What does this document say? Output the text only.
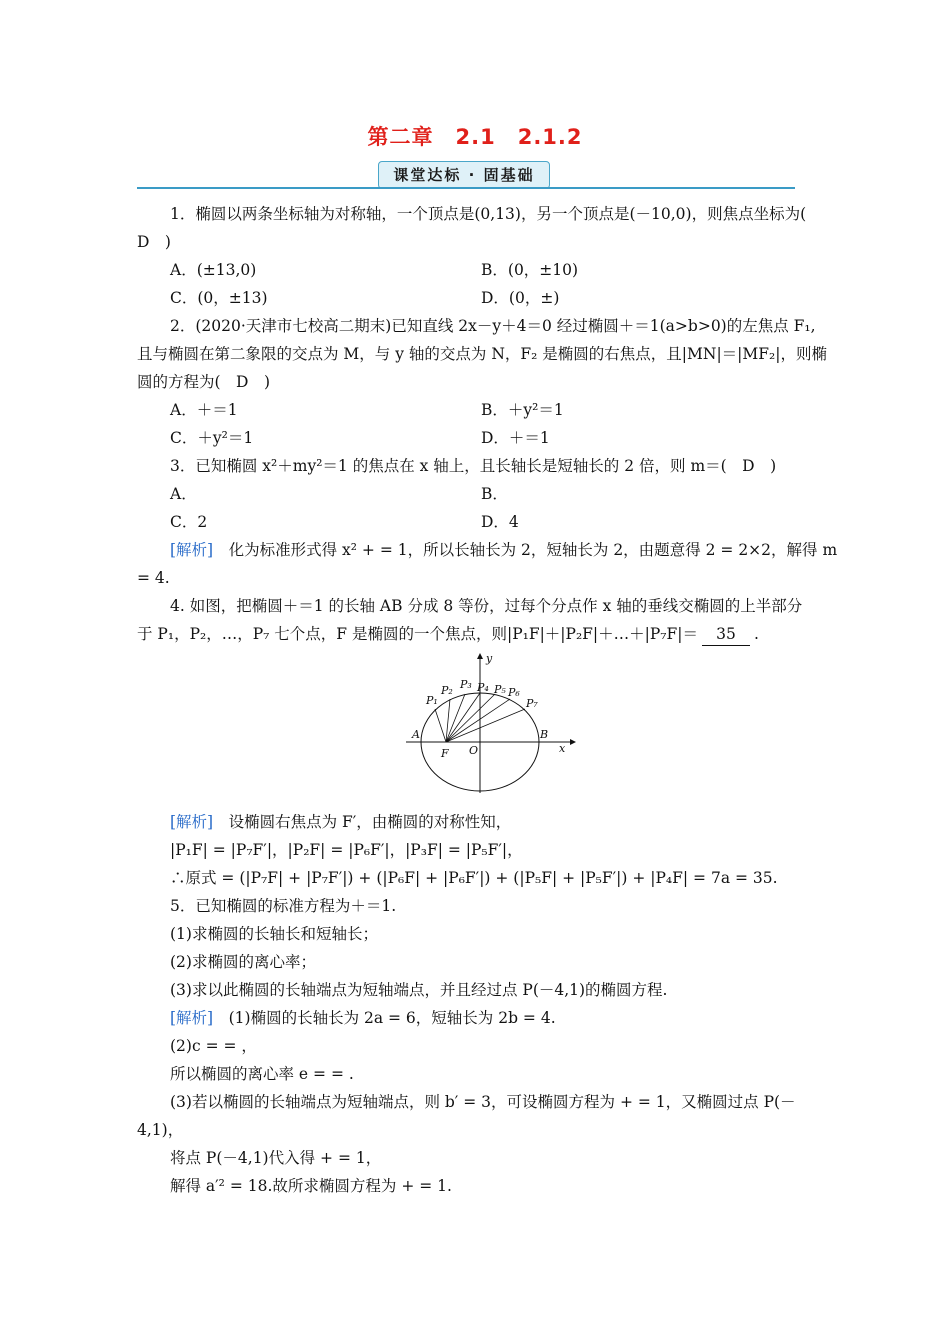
第二章　2.1　2.1.2
课堂达标 · 固基础
1．椭圆以两条坐标轴为对称轴，一个顶点是(0,13)，另一个顶点是(－10,0)，则焦点坐标为(
D　)
A．(±13,0)	B．(0，±10)
C．(0，±13)	D．(0，±)
2．(2020·天津市七校高二期末)已知直线 2x－y＋4＝0 经过椭圆＋＝1(a>b>0)的左焦点 F₁,
且与椭圆在第二象限的交点为 M，与 y 轴的交点为 N，F₂ 是椭圆的右焦点，且|MN|＝|MF₂|，则椭
圆的方程为(　D　)
A．＋＝1	B．＋y²＝1
C．＋y²＝1	D．＋＝1
3．已知椭圆 x²＋my²＝1 的焦点在 x 轴上，且长轴长是短轴长的 2 倍，则 m＝(　D　)
A．	B．
C．2	D．4
[解析]　化为标准形式得 x² + = 1，所以长轴长为 2，短轴长为 2，由题意得 2 = 2×2，解得 m
= 4.
4. 如图，把椭圆＋＝1 的长轴 AB 分成 8 等份，过每个分点作 x 轴的垂线交椭圆的上半部分
于 P₁，P₂，…，P₇ 七个点，F 是椭圆的一个焦点，则|P₁F|＋|P₂F|＋…＋|P₇F|＝ 35 .
y
x
A	B
F O
P₁
P₂ P₃ P₄ P₅ P₆
P₇
[解析]　设椭圆右焦点为 F′，由椭圆的对称性知，
|P₁F| = |P₇F′|，|P₂F| = |P₆F′|，|P₃F| = |P₅F′|，
∴原式 = (|P₇F| + |P₇F′|) + (|P₆F| + |P₆F′|) + (|P₅F| + |P₅F′|) + |P₄F| = 7a = 35.
5．已知椭圆的标准方程为＋＝1.
(1)求椭圆的长轴长和短轴长；
(2)求椭圆的离心率；
(3)求以此椭圆的长轴端点为短轴端点，并且经过点 P(－4,1)的椭圆方程.
[解析]　(1)椭圆的长轴长为 2a = 6，短轴长为 2b = 4.
(2)c = = ，
所以椭圆的离心率 e = = .
(3)若以椭圆的长轴端点为短轴端点，则 b′ = 3，可设椭圆方程为 + = 1，又椭圆过点 P(－
4,1)，
将点 P(－4,1)代入得 + = 1，
解得 a′² = 18.故所求椭圆方程为 + = 1.
